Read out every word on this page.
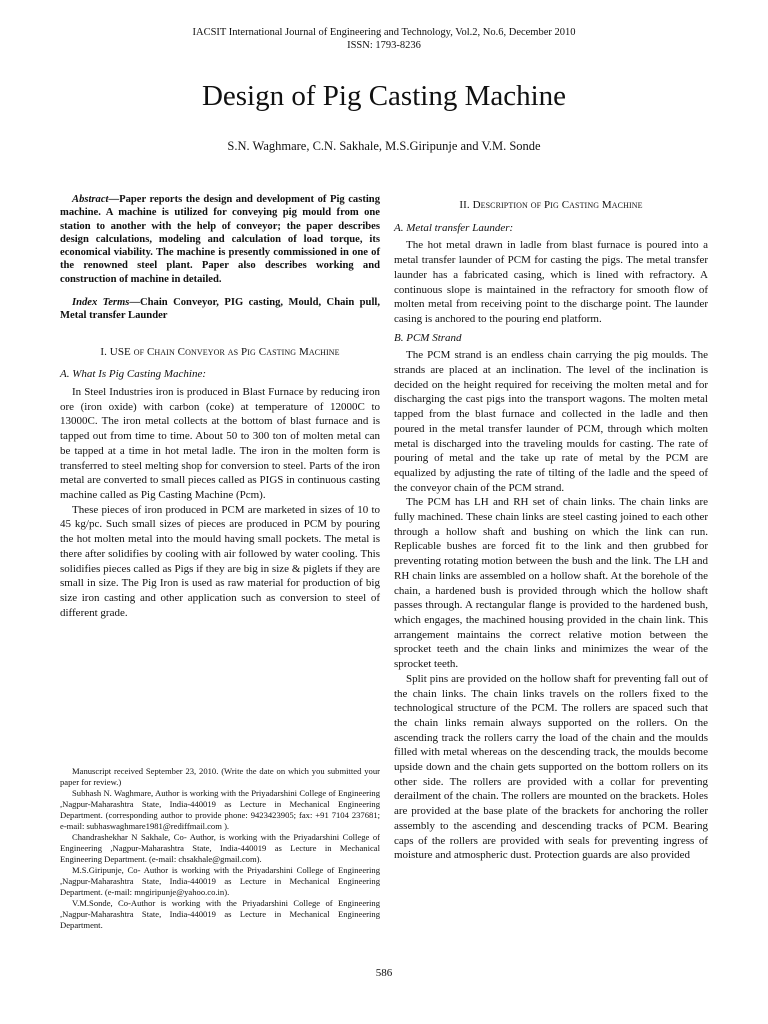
IACSIT International Journal of Engineering and Technology, Vol.2, No.6, December 2010
ISSN: 1793-8236
Design of Pig Casting Machine
S.N. Waghmare, C.N. Sakhale, M.S.Giripunje and V.M. Sonde

Abstract—Paper reports the design and development of Pig casting machine. A machine is utilized for conveying pig mould from one station to another with the help of conveyor; the paper describes design calculations, modeling and calculation of load torque, its economical viability. The machine is presently commissioned in one of the renowned steel plant. Paper also describes working and construction of machine in detailed.

Index Terms—Chain Conveyor, PIG casting, Mould, Chain pull, Metal transfer Launder

I. USE of Chain Conveyor as Pig Casting Machine
A. What Is Pig Casting Machine:

In Steel Industries iron is produced in Blast Furnace by reducing iron ore (iron oxide) with carbon (coke) at temperature of 12000C to 13000C. The iron metal collects at the bottom of blast furnace and is tapped out from time to time. About 50 to 300 ton of molten metal can be tapped at a time in hot metal ladle. The iron in the molten form is transferred to steel melting shop for conversion to steel. Parts of the iron metal are converted to small pieces called as PIGS in continuous casting machine called as Pig Casting Machine (Pcm).

These pieces of iron produced in PCM are marketed in sizes of 10 to 45 kg/pc. Such small sizes of pieces are produced in PCM by pouring the hot molten metal into the mould having small pockets. The metal is there after solidifies by cooling with air followed by water cooling. This solidifies pieces called as Pigs if they are big in size & piglets if they are small in size. The Pig Iron is used as raw material for production of big size iron casting and other application such as conversion to steel of different grade.

Manuscript received September 23, 2010. (Write the date on which you submitted your paper for review.)

Subhash N. Waghmare, Author is working with the Priyadarshini College of Engineering ,Nagpur-Maharashtra State, India-440019 as Lecture in Mechanical Engineering Department. (corresponding author to provide phone: 9423423905; fax: +91 7104 237681; e-mail: subhaswaghmare1981@rediffmail.com ).

Chandrashekhar N Sakhale, Co- Author, is working with the Priyadarshini College of Engineering ,Nagpur-Maharashtra State, India-440019 as Lecture in Mechanical Engineering Department. (e-mail: chsakhale@gmail.com).

M.S.Giripunje, Co- Author is working with the Priyadarshini College of Engineering ,Nagpur-Maharashtra State, India-440019 as Lecture in Mechanical Engineering Department. (e-mail: mngiripunje@yahoo.co.in).

V.M.Sonde, Co-Author is working with the Priyadarshini College of Engineering ,Nagpur-Maharashtra State, India-440019 as Lecture in Mechanical Engineering Department.

II. Description of Pig Casting Machine
A. Metal transfer Launder:

The hot metal drawn in ladle from blast furnace is poured into a metal transfer launder of PCM for casting the pigs. The metal transfer launder has a fabricated casing, which is lined with refractory. A continuous slope is maintained in the refractory for smooth flow of molten metal from receiving point to the discharge point. The launder casing is anchored to the pouring end platform.

B. PCM Strand

The PCM strand is an endless chain carrying the pig moulds. The strands are placed at an inclination. The level of the inclination is decided on the height required for receiving the molten metal and for discharging the cast pigs into the transport wagons. The molten metal tapped from the blast furnace and collected in the ladle and then poured in the metal transfer launder of PCM, through which molten metal is discharged into the traveling moulds for casting. The rate of pouring of metal and the take up rate of metal by the PCM are equalized by adjusting the rate of tilting of the ladle and the speed of the conveyor chain of the PCM strand.

The PCM has LH and RH set of chain links. The chain links are fully machined. These chain links are steel casting joined to each other through a hollow shaft and bushing on which the link can run. Replicable bushes are forced fit to the link and then grubbed for preventing rotating motion between the bush and the link. The LH and RH chain links are assembled on a hollow shaft. At the borehole of the chain, a hardened bush is provided through which the hollow shaft passes through. A rectangular flange is provided to the hardened bush, which engages, the machined housing provided in the chain link. This arrangement maintains the correct relative motion between the sprocket teeth and the chain links and minimizes the wear of the sprocket teeth.

Split pins are provided on the hollow shaft for preventing fall out of the chain links. The chain links travels on the rollers fixed to the technological structure of the PCM. The rollers are spaced such that the chain links remain always supported on the rollers. On the ascending track the rollers carry the load of the chain and the moulds filled with metal whereas on the descending track, the moulds become upside down and the chain gets supported on the bottom rollers on its other side. The rollers are provided with a collar for preventing derailment of the chain. The rollers are mounted on the brackets. Holes are provided at the base plate of the brackets for anchoring the roller assembly to the ascending and descending tracks of PCM. Bearing caps of the rollers are provided with seals for preventing ingress of moisture and atmospheric dust. Protection guards are also provided

586
